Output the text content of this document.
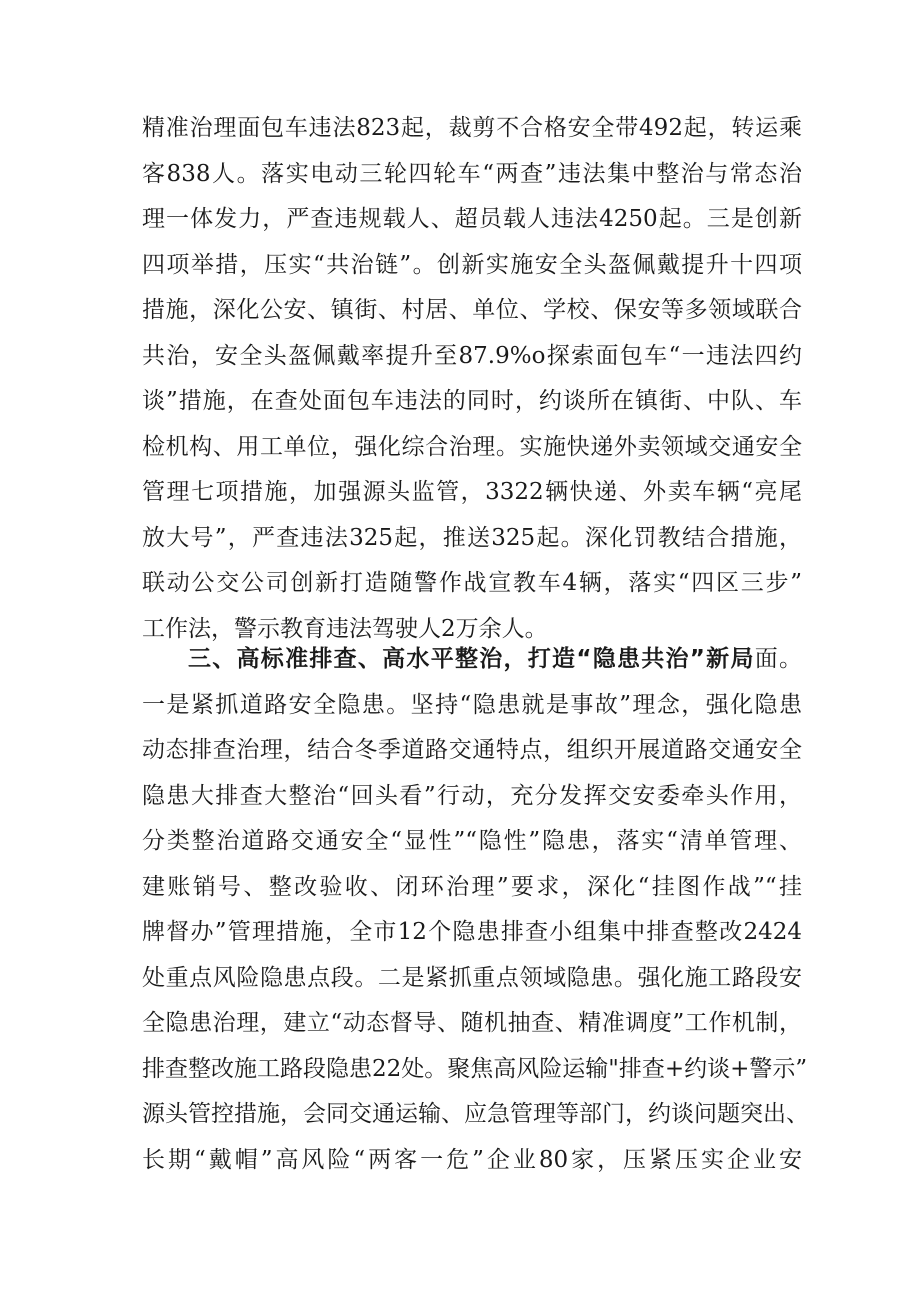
精准治理面包车违法823起，裁剪不合格安全带492起，转运乘
客838人。落实电动三轮四轮车“两查”违法集中整治与常态治
理一体发力，严查违规载人、超员载人违法4250起。三是创新
四项举措，压实“共治链”。创新实施安全头盔佩戴提升十四项
措施，深化公安、镇街、村居、单位、学校、保安等多领域联合
共治，安全头盔佩戴率提升至87.9%o探索面包车“一违法四约
谈”措施，在查处面包车违法的同时，约谈所在镇街、中队、车
检机构、用工单位，强化综合治理。实施快递外卖领域交通安全
管理七项措施，加强源头监管，3322辆快递、外卖车辆“亮尾
放大号”，严查违法325起，推送325起。深化罚教结合措施，
联动公交公司创新打造随警作战宣教车4辆，落实“四区三步”
工作法，警示教育违法驾驶人2万余人。
三、高标准排查、高水平整治，打造“隐患共治”新局面。
一是紧抓道路安全隐患。坚持“隐患就是事故”理念，强化隐患
动态排查治理，结合冬季道路交通特点，组织开展道路交通安全
隐患大排查大整治“回头看”行动，充分发挥交安委牵头作用，
分类整治道路交通安全“显性”“隐性”隐患，落实“清单管理、
建账销号、整改验收、闭环治理”要求，深化“挂图作战”“挂
牌督办”管理措施，全市12个隐患排查小组集中排查整改2424
处重点风险隐患点段。二是紧抓重点领域隐患。强化施工路段安
全隐患治理，建立“动态督导、随机抽查、精准调度”工作机制，
排查整改施工路段隐患22处。聚焦高风险运输"排查+约谈+警示”
源头管控措施，会同交通运输、应急管理等部门，约谈问题突出、
长期“戴帽”高风险“两客一危”企业80家，压紧压实企业安
